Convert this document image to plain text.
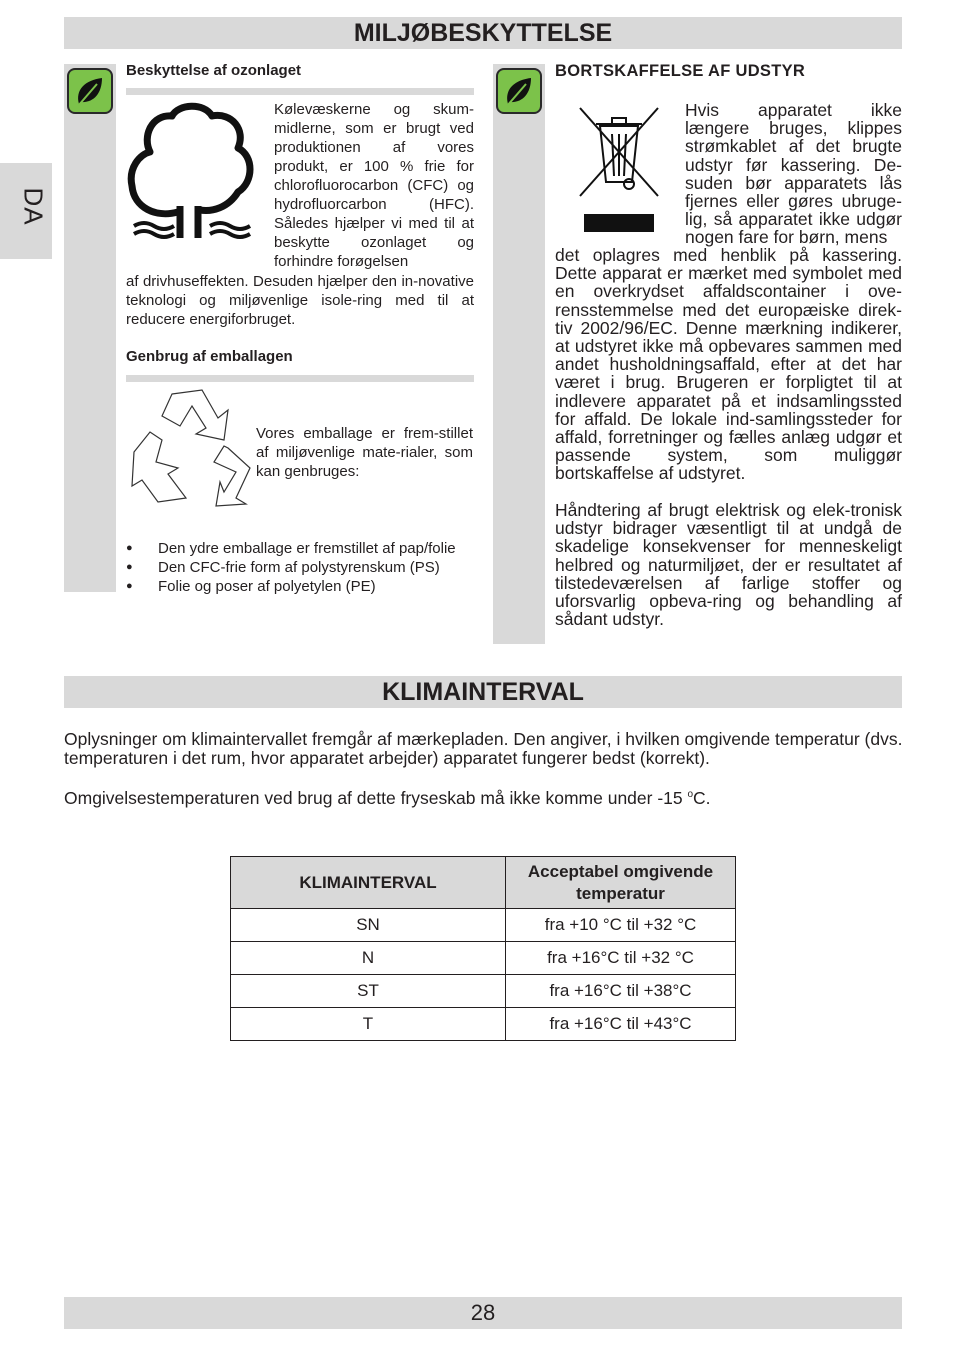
MILJØBESKYTTELSE
DA
Beskyttelse af ozonlaget
Kølevæskerne og skum-midlerne, som er brugt ved produktionen af vores produkt, er 100 % frie for chlorofluorocarbon (CFC) og hydrofluorcarbon (HFC). Således hjælper vi med til at beskytte ozonlaget og forhindre forøgelsen
af drivhuseffekten. Desuden hjælper den in-novative teknologi og miljøvenlige isole-ring med til at reducere energiforbruget.
Genbrug af emballagen
Vores emballage er frem-stillet af miljøvenlige mate-rialer, som kan genbruges:
● Den ydre emballage er fremstillet af pap/folie
● Den CFC-frie form af polystyrenskum (PS)
● Folie og poser af polyetylen (PE)
BORTSKAFFELSE AF UDSTYR
Hvis apparatet ikke længere bruges, klippes strømkablet af det brugte udstyr før kassering. De-suden bør apparatets lås fjernes eller gøres ubruge-lig, så apparatet ikke udgør nogen fare for børn, mens
det oplagres med henblik på kassering. Dette apparat er mærket med symbolet med en overkrydset affaldscontainer i ove-rensstemmelse med det europæiske direk-tiv 2002/96/EC. Denne mærkning indikerer, at udstyret ikke må opbevares sammen med andet husholdningsaffald, efter at det har været i brug. Brugeren er forpligtet til at indlevere apparatet på et indsamlingssted for affald. De lokale ind-samlingssteder for affald, forretninger og fælles anlæg udgør et passende system, som muliggør bortskaffelse af udstyret.
Håndtering af brugt elektrisk og elek-tronisk udstyr bidrager væsentligt til at undgå de skadelige konsekvenser for menneskeligt helbred og naturmiljøet, der er resultatet af tilstedeværelsen af farlige stoffer og uforsvarlig opbeva-ring og behandling af sådant udstyr.
KLIMAINTERVAL
Oplysninger om klimaintervallet fremgår af mærkepladen. Den angiver, i hvilken omgivende temperatur (dvs. temperaturen i det rum, hvor apparatet arbejder) apparatet fungerer bedst (korrekt).
Omgivelsestemperaturen ved brug af dette fryseskab må ikke komme under -15 $^o$C.
KLIMAINTERVAL	Acceptabel omgivende temperatur
SN	fra +10 °C til +32 °C
N	fra +16°C til +32 °C
ST	fra +16°C til +38°C
T	fra +16°C til +43°C
28
